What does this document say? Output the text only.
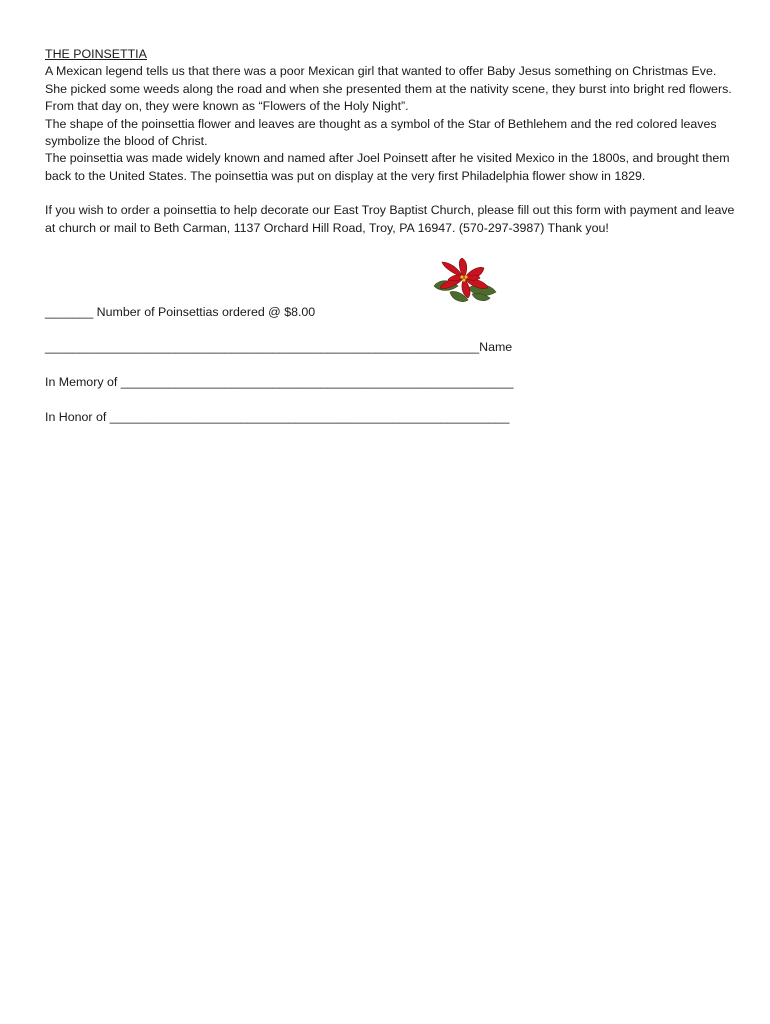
THE POINSETTIA

A Mexican legend tells us that there was a poor Mexican girl that wanted to offer Baby Jesus something on Christmas Eve. She picked some weeds along the road and when she presented them at the nativity scene, they burst into bright red flowers. From that day on, they were known as “Flowers of the Holy Night”.

The shape of the poinsettia flower and leaves are thought as a symbol of the Star of Bethlehem and the red colored leaves symbolize the blood of Christ.

The poinsettia was made widely known and named after Joel Poinsett after he visited Mexico in the 1800s, and brought them back to the United States. The poinsettia was put on display at the very first Philadelphia flower show in 1829.

If you wish to order a poinsettia to help decorate our East Troy Baptist Church, please fill out this form with payment and leave at church or mail to Beth Carman, 1137 Orchard Hill Road, Troy, PA 16947. (570-297-3987) Thank you!

_______ Number of Poinsettias ordered @ $8.00
_______________________________________________________________Name
In Memory of _________________________________________________________
In Honor of __________________________________________________________
